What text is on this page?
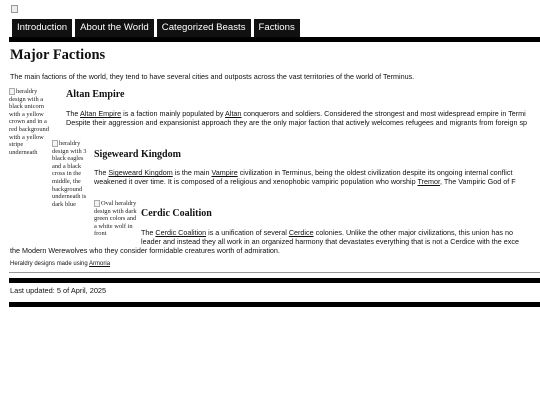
Introduction	About the World	Categorized Beasts	Factions
Major Factions
The main factions of the world, they tend to have several cities and outposts across the vast territories of the world of Terminus.
heraldry design with a black unicorn with a yellow crown and in a red background with a yellow stripe underneath
Altan Empire
The Altan Empire is a faction mainly populated by Altan conquerors and soldiers. Considered the strongest and most widespread empire in Termi
Despite their aggression and expansionist approach they are the only major faction that actively welcomes refugees and migrants from foreign sp
heraldry design with 3 black eagles and a black cross in the middle, the background underneath is dark blue
Sigeweard Kingdom
The Sigeweard Kingdom is the main Vampire civilization in Terminus, being the oldest civilization despite its ongoing internal conflict
weakened it over time. It is composed of a religious and xenophobic vampiric population who worship Tremor, The Vampiric God of F
Oval heraldry design with dark green colors and a white wolf in front
Cerdic Coalition
The Cerdic Coalition is a unification of several Cerdice colonies. Unlike the other major civilizations, this union has no
leader and instead they all work in an organized harmony that devastates everything that is not a Cerdice with the exce
the Modern Werewolves who they consider formidable creatures worth of admiration.
Heraldry designs made using Armoria
Last updated: 5 of April, 2025
